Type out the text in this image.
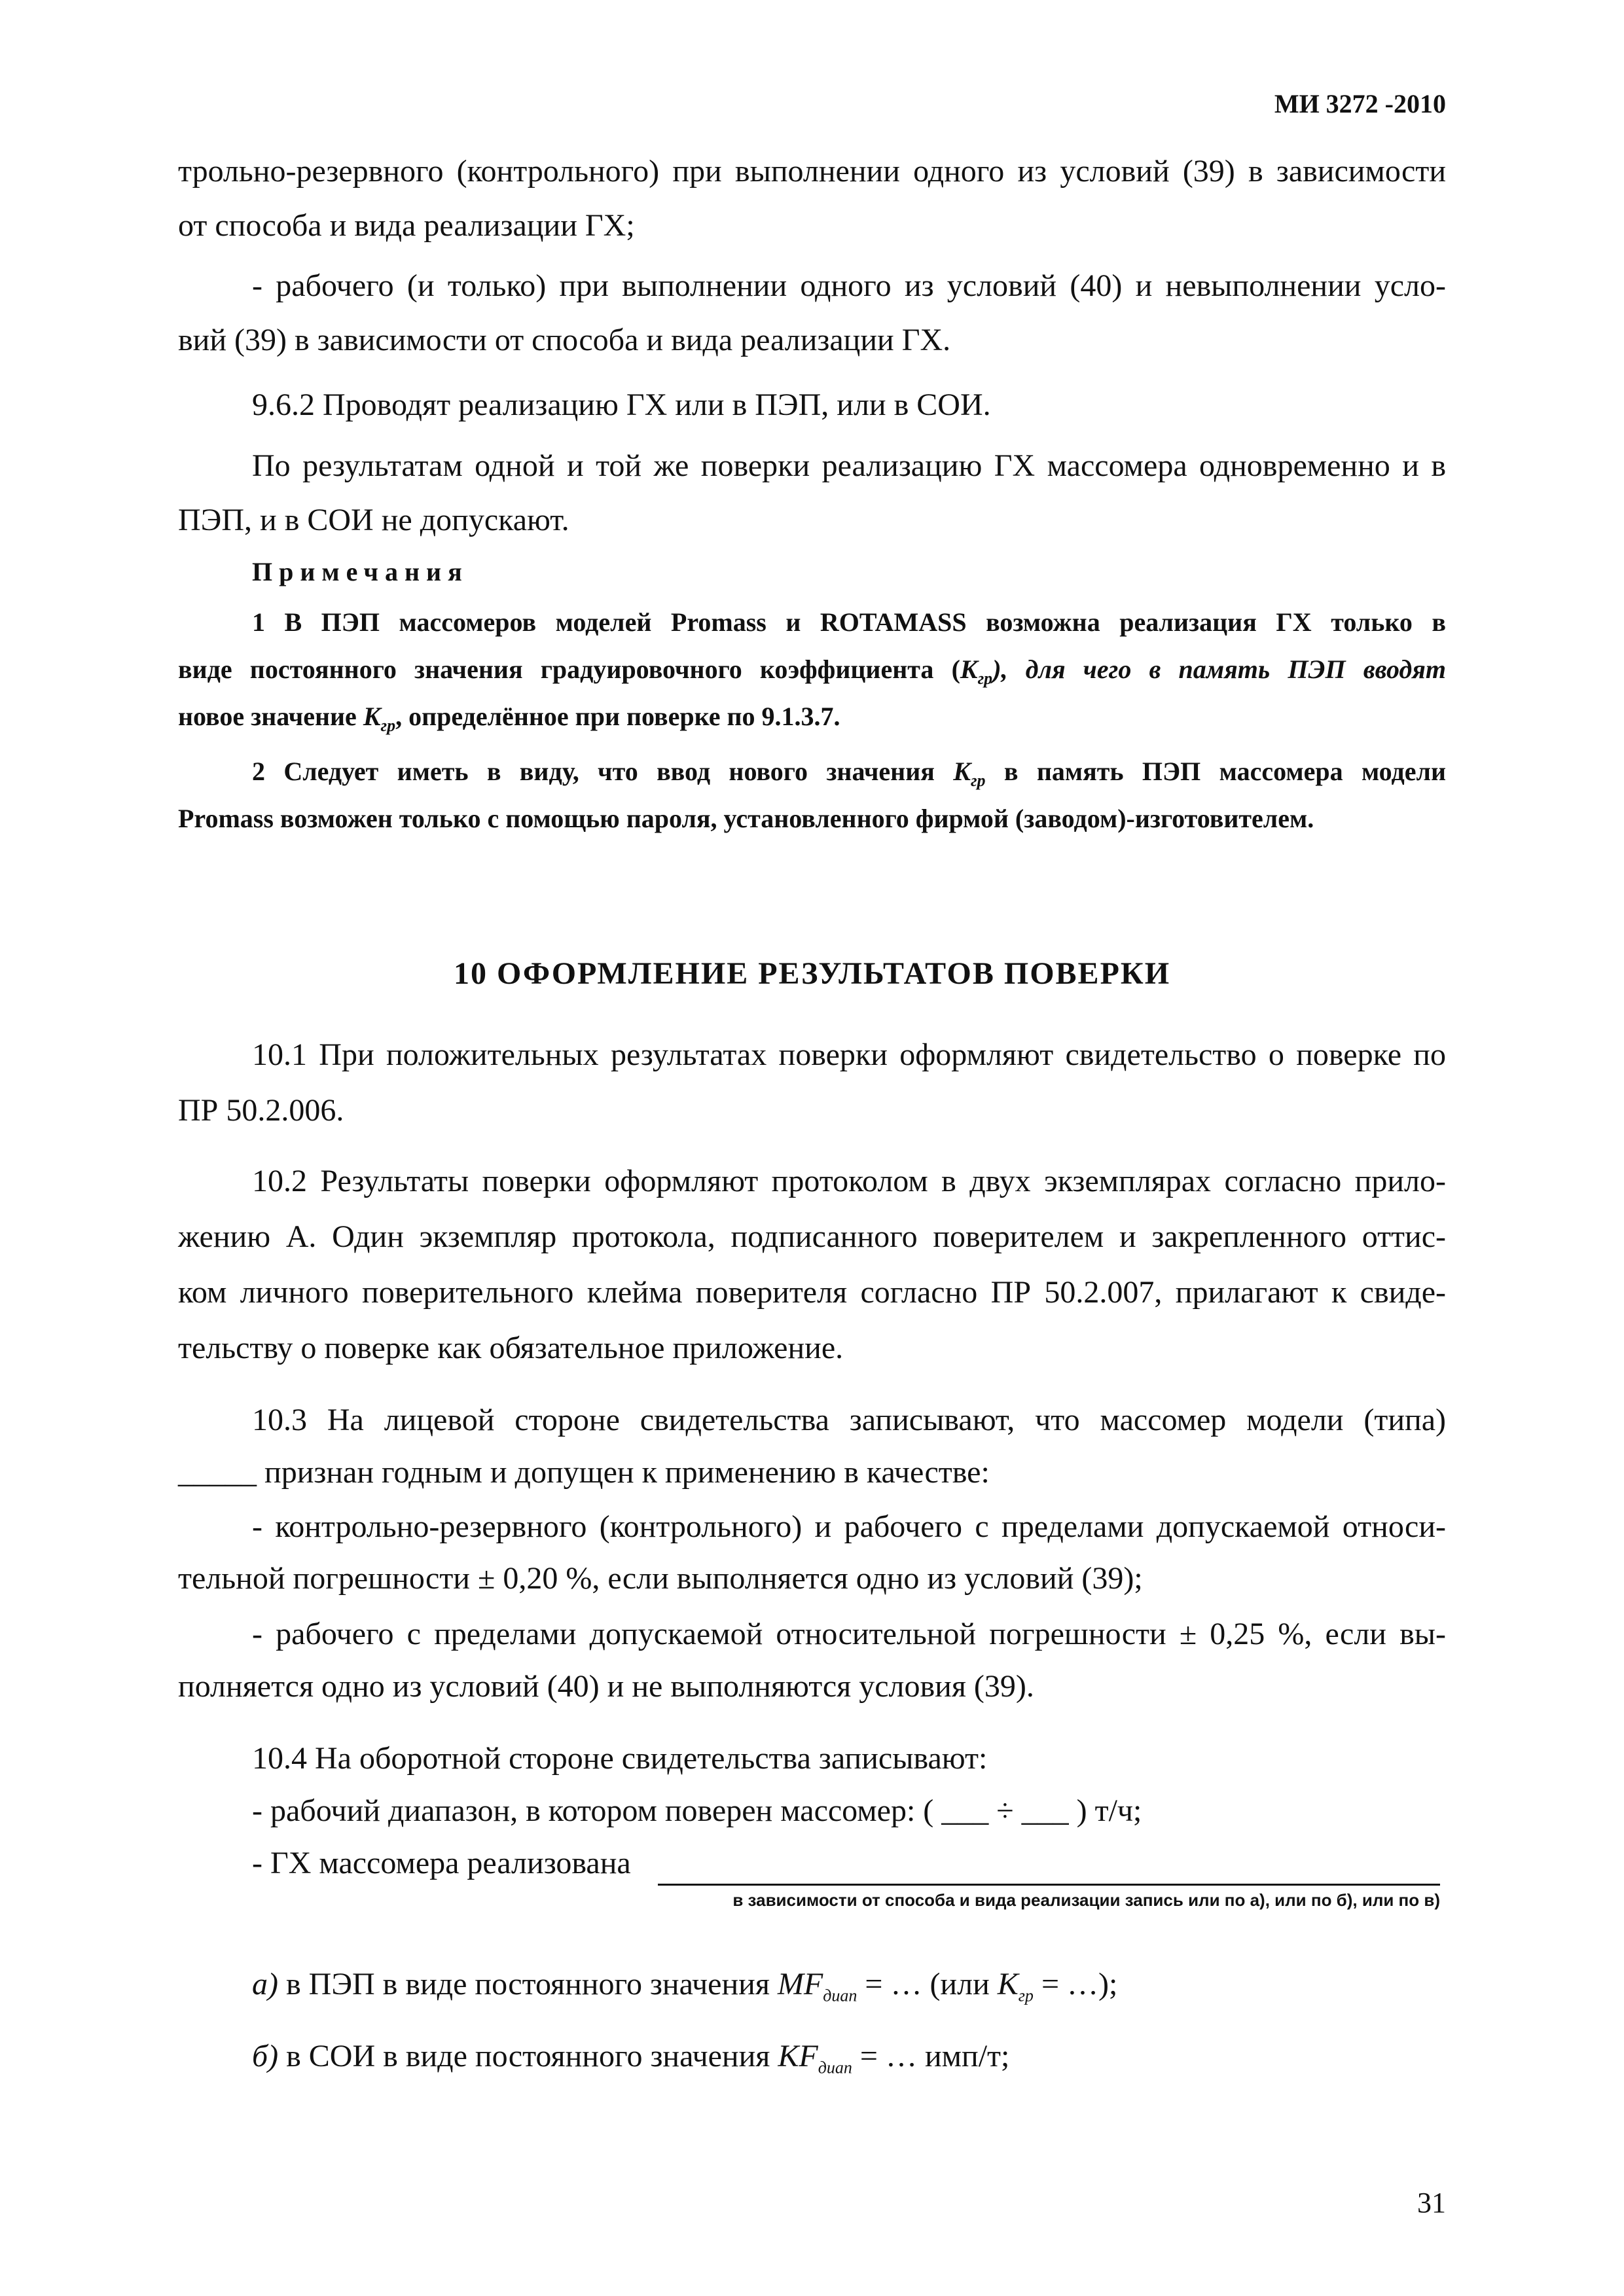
МИ 3272 -2010

трольно-резервного (контрольного) при выполнении одного из условий (39) в зависимости

от способа и вида реализации ГХ;

- рабочего (и только) при выполнении одного из условий (40) и невыполнении усло-

вий (39) в зависимости от способа и вида реализации ГХ.

9.6.2 Проводят реализацию ГХ или в ПЭП, или в СОИ.

По результатам одной и той же поверки реализацию ГХ массомера одновременно и в

ПЭП, и в СОИ не допускают.

Примечания
1 В ПЭП массомеров моделей Promass и ROTAMASS возможна реализация ГХ только в
виде постоянного значения градуировочного коэффициента $(K_{гр})$, для чего в память ПЭП вводят
новое значение $K_{гр}$, определённое при поверке по 9.1.3.7.
2 Следует иметь в виду, что ввод нового значения $K_{гр}$ в память ПЭП массомера модели
Promass возможен только с помощью пароля, установленного фирмой (заводом)-изготовителем.
10 ОФОРМЛЕНИЕ РЕЗУЛЬТАТОВ ПОВЕРКИ

10.1 При положительных результатах поверки оформляют свидетельство о поверке по

ПР 50.2.006.

10.2 Результаты поверки оформляют протоколом в двух экземплярах согласно прило-

жению А. Один экземпляр протокола, подписанного поверителем и закрепленного оттис-

ком личного поверительного клейма поверителя согласно ПР 50.2.007, прилагают к свиде-

тельству о поверке как обязательное приложение.

10.3 На лицевой стороне свидетельства записывают, что массомер модели (типа)

_____ признан годным и допущен к применению в качестве:

- контрольно-резервного (контрольного) и рабочего с пределами допускаемой относи-

тельной погрешности ± 0,20 %, если выполняется одно из условий (39);

- рабочего с пределами допускаемой относительной погрешности ± 0,25 %, если вы-

полняется одно из условий (40) и не выполняются условия (39).

10.4 На оборотной стороне свидетельства записывают:

- рабочий диапазон, в котором поверен массомер: ( ___ ÷ ___ ) т/ч;

- ГХ массомера реализована

в зависимости от способа и вида реализации запись или по а), или по б), или по в)

а) в ПЭП в виде постоянного значения $MF_{диап}$ = … (или $K_{гр}$ = …);

б) в СОИ в виде постоянного значения $KF_{диап}$ = … имп/т;

31
